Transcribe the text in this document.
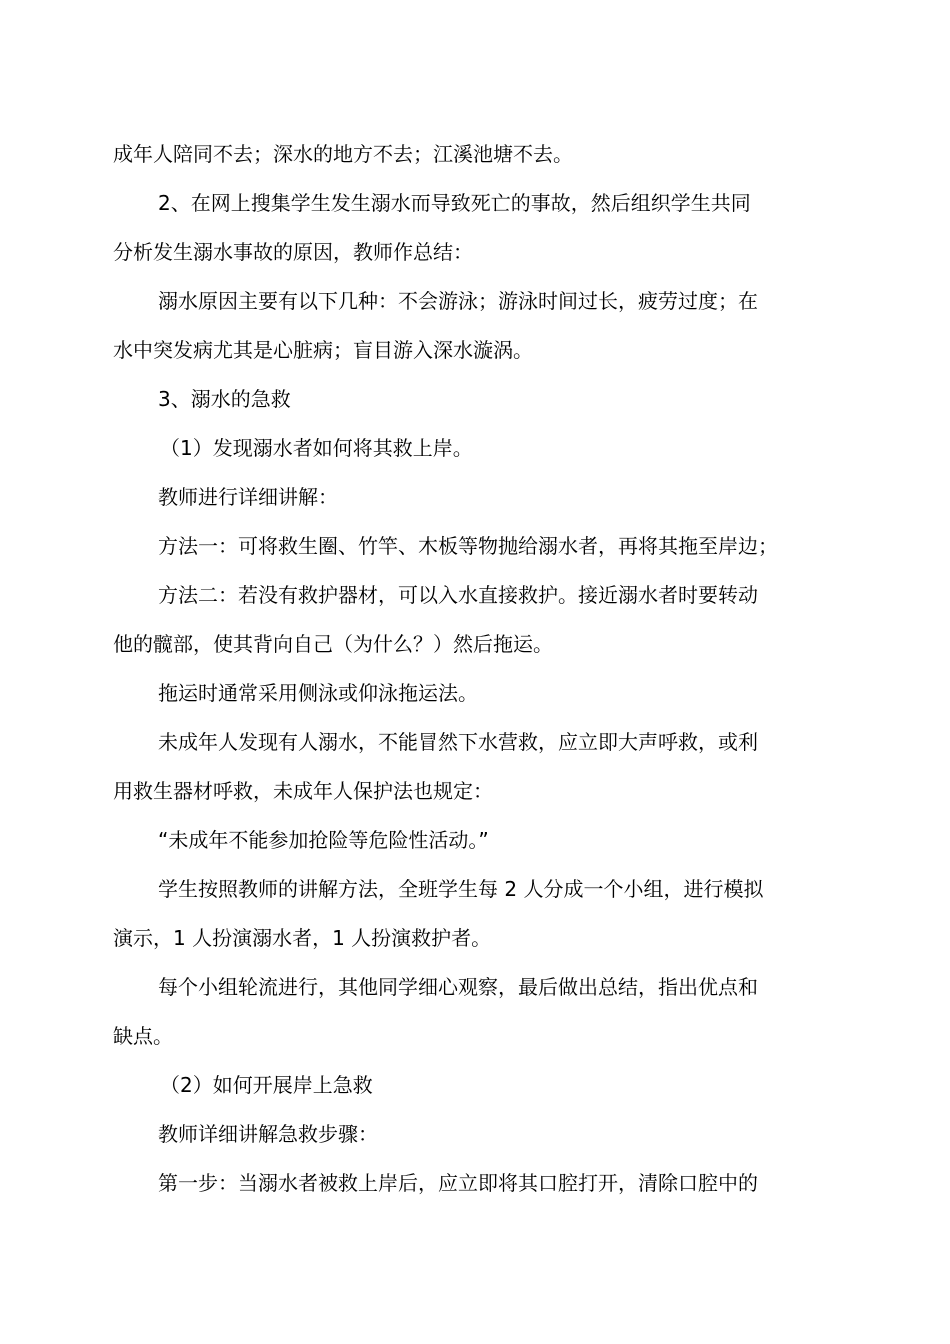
成年人陪同不去；深水的地方不去；江溪池塘不去。
2、在网上搜集学生发生溺水而导致死亡的事故，然后组织学生共同
分析发生溺水事故的原因，教师作总结：
溺水原因主要有以下几种：不会游泳；游泳时间过长，疲劳过度；在
水中突发病尤其是心脏病；盲目游入深水漩涡。
3、溺水的急救
（1）发现溺水者如何将其救上岸。
教师进行详细讲解：
方法一：可将救生圈、竹竿、木板等物抛给溺水者，再将其拖至岸边；
方法二：若没有救护器材，可以入水直接救护。接近溺水者时要转动
他的髋部，使其背向自己（为什么？）然后拖运。
拖运时通常采用侧泳或仰泳拖运法。
未成年人发现有人溺水，不能冒然下水营救，应立即大声呼救，或利
用救生器材呼救，未成年人保护法也规定：
“未成年不能参加抢险等危险性活动。”
学生按照教师的讲解方法，全班学生每 2 人分成一个小组，进行模拟
演示，1 人扮演溺水者，1 人扮演救护者。
每个小组轮流进行，其他同学细心观察，最后做出总结，指出优点和
缺点。
（2）如何开展岸上急救
教师详细讲解急救步骤：
第一步：当溺水者被救上岸后，应立即将其口腔打开，清除口腔中的
